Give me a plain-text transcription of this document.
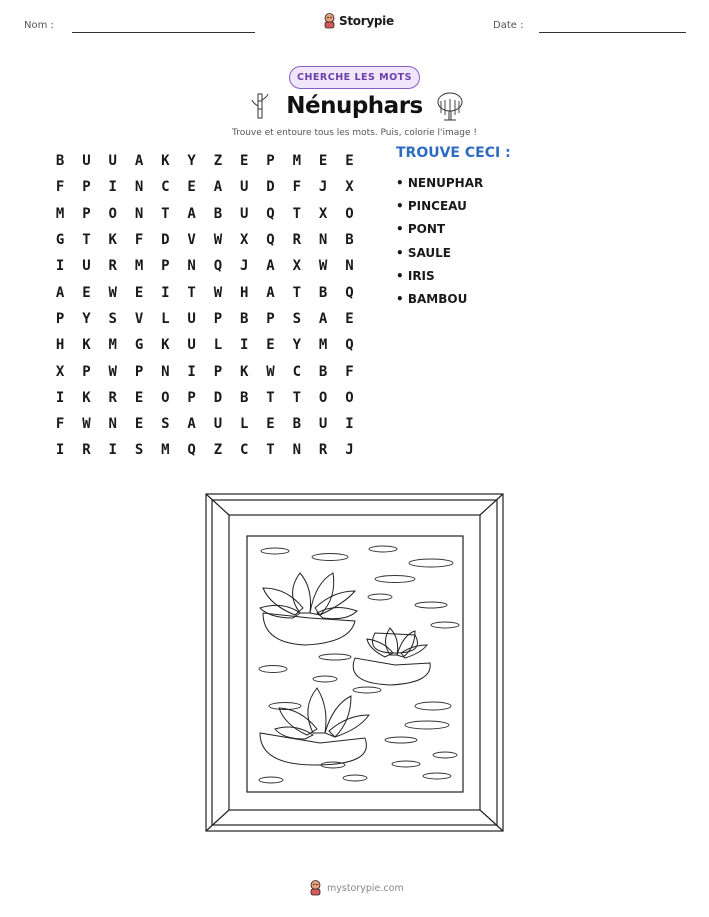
Nom :	Storypie	Date :
CHERCHE LES MOTS
Nénuphars
Trouve et entoure tous les mots. Puis, colorie l'image !
B	U	U	A	K	Y	Z	E	P	M	E	E
F	P	I	N	C	E	A	U	D	F	J	X
M	P	O	N	T	A	B	U	Q	T	X	O
G	T	K	F	D	V	W	X	Q	R	N	B
I	U	R	M	P	N	Q	J	A	X	W	N
A	E	W	E	I	T	W	H	A	T	B	Q
P	Y	S	V	L	U	P	B	P	S	A	E
H	K	M	G	K	U	L	I	E	Y	M	Q
X	P	W	P	N	I	P	K	W	C	B	F
I	K	R	E	O	P	D	B	T	T	O	O
F	W	N	E	S	A	U	L	E	B	U	I
I	R	I	S	M	Q	Z	C	T	N	R	J
TROUVE CECI :
• NENUPHAR
• PINCEAU
• PONT
• SAULE
• IRIS
• BAMBOU
mystorypie.com
